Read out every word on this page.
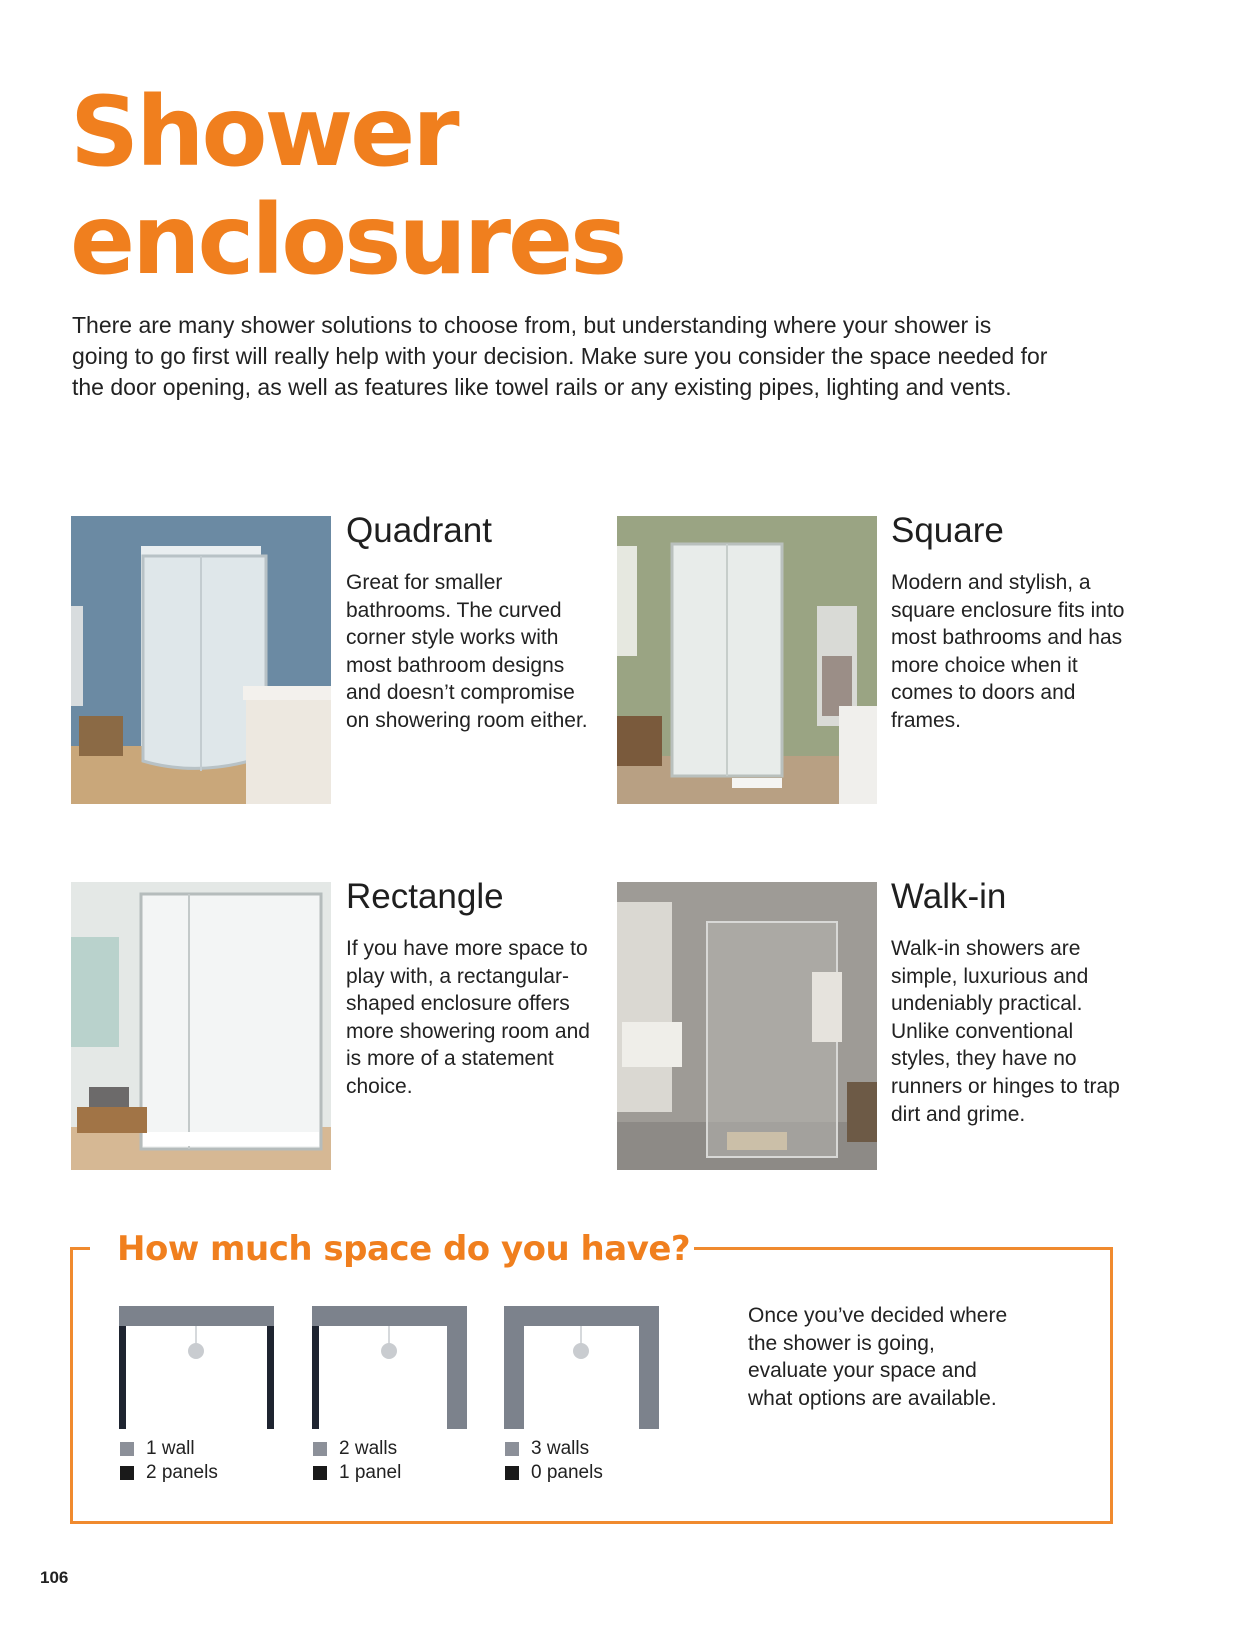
Shower
enclosures

There are many shower solutions to choose from, but understanding where your shower is going to go first will really help with your decision. Make sure you consider the space needed for the door opening, as well as features like towel rails or any existing pipes, lighting and vents.

Quadrant
Great for smaller bathrooms. The curved corner style works with most bathroom designs and doesn’t compromise on showering room either.
Square
Modern and stylish, a square enclosure fits into most bathrooms and has more choice when it comes to doors and frames.
Rectangle
If you have more space to play with, a rectangular-shaped enclosure offers more showering room and is more of a statement choice.
Walk-in
Walk-in showers are simple, luxurious and undeniably practical. Unlike conventional styles, they have no runners or hinges to trap dirt and grime.
How much space do you have?

Once you’ve decided where the shower is going, evaluate your space and what options are available.

1 wall
2 panels
2 walls
1 panel
3 walls
0 panels
106
